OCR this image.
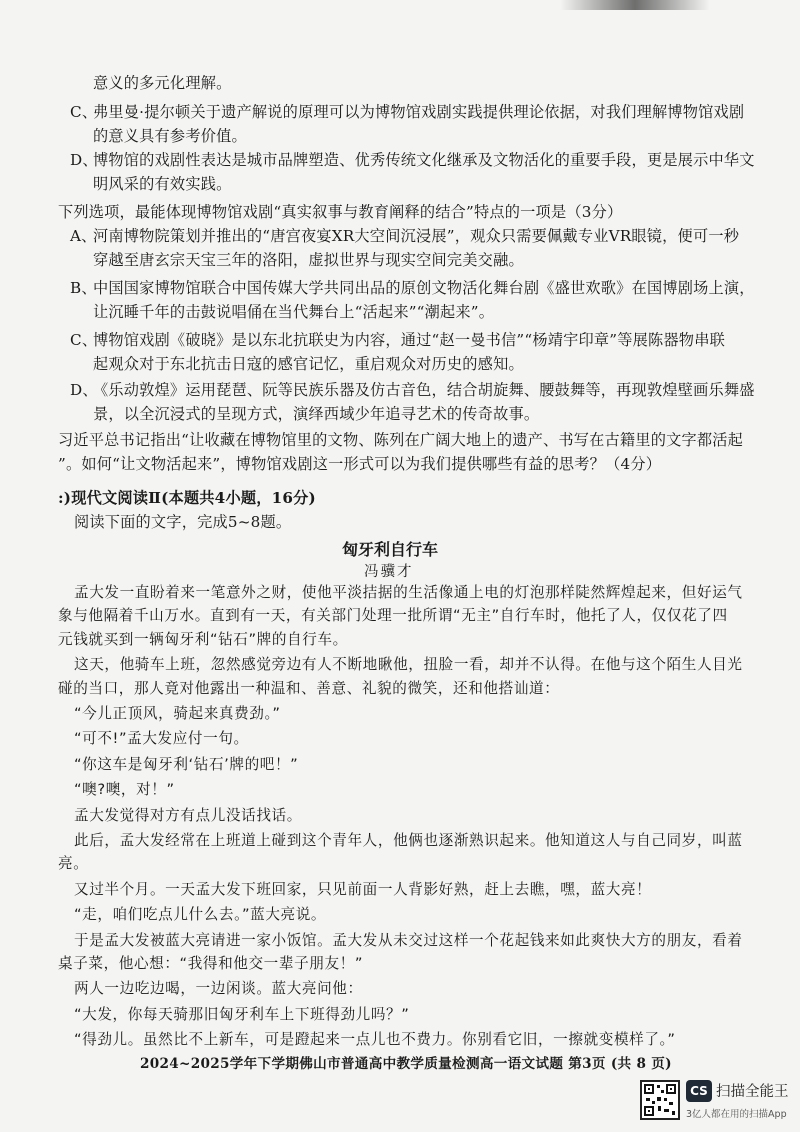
意义的多元化理解。
C、
弗里曼·提尔顿关于遗产解说的原理可以为博物馆戏剧实践提供理论依据，对我们理解博物馆戏剧
的意义具有参考价值。
D、
博物馆的戏剧性表达是城市品牌塑造、优秀传统文化继承及文物活化的重要手段，更是展示中华文
明风采的有效实践。
下列选项，最能体现博物馆戏剧“真实叙事与教育阐释的结合”特点的一项是（3分）
A、
河南博物院策划并推出的“唐宫夜宴XR大空间沉浸展”，观众只需要佩戴专业VR眼镜，便可一秒
穿越至唐玄宗天宝三年的洛阳，虚拟世界与现实空间完美交融。
B、
中国国家博物馆联合中国传媒大学共同出品的原创文物活化舞台剧《盛世欢歌》在国博剧场上演，
让沉睡千年的击鼓说唱俑在当代舞台上“活起来”“潮起来”。
C、
博物馆戏剧《破晓》是以东北抗联史为内容，通过“赵一曼书信”“杨靖宇印章”等展陈器物串联
起观众对于东北抗击日寇的感官记忆，重启观众对历史的感知。
D、
《乐动敦煌》运用琵琶、阮等民族乐器及仿古音色，结合胡旋舞、腰鼓舞等，再现敦煌壁画乐舞盛
景，以全沉浸式的呈现方式，演绎西域少年追寻艺术的传奇故事。
习近平总书记指出“让收藏在博物馆里的文物、陈列在广阔大地上的遗产、书写在古籍里的文字都活起
”。如何“让文物活起来”，博物馆戏剧这一形式可以为我们提供哪些有益的思考？（4分）
:)现代文阅读Ⅱ(本题共4小题，16分)
阅读下面的文字，完成5~8题。
匈牙利自行车
冯骥才
孟大发一直盼着来一笔意外之财，使他平淡拮据的生活像通上电的灯泡那样陡然辉煌起来，但好运气
象与他隔着千山万水。直到有一天，有关部门处理一批所谓“无主”自行车时，他托了人，仅仅花了四
元钱就买到一辆匈牙利“钻石”牌的自行车。
这天，他骑车上班，忽然感觉旁边有人不断地瞅他，扭脸一看，却并不认得。在他与这个陌生人目光
碰的当口，那人竟对他露出一种温和、善意、礼貌的微笑，还和他搭讪道：
“今儿正顶风，骑起来真费劲。”
“可不!”孟大发应付一句。
“你这车是匈牙利‘钻石’牌的吧！”
“噢?噢，对！”
孟大发觉得对方有点儿没话找话。
此后，孟大发经常在上班道上碰到这个青年人，他俩也逐渐熟识起来。他知道这人与自己同岁，叫蓝
亮。
又过半个月。一天孟大发下班回家，只见前面一人背影好熟，赶上去瞧，嘿，蓝大亮！
“走，咱们吃点儿什么去。”蓝大亮说。
于是孟大发被蓝大亮请进一家小饭馆。孟大发从未交过这样一个花起钱来如此爽快大方的朋友，看着
桌子菜，他心想：“我得和他交一辈子朋友！”
两人一边吃边喝，一边闲谈。蓝大亮问他：
“大发，你每天骑那旧匈牙利车上下班得劲儿吗？”
“得劲儿。虽然比不上新车，可是蹬起来一点儿也不费力。你别看它旧，一擦就变模样了。”
2024~2025学年下学期佛山市普通高中教学质量检测高一语文试题 第3页 (共 8 页)
CS 扫描全能王
3亿人都在用的扫描App
